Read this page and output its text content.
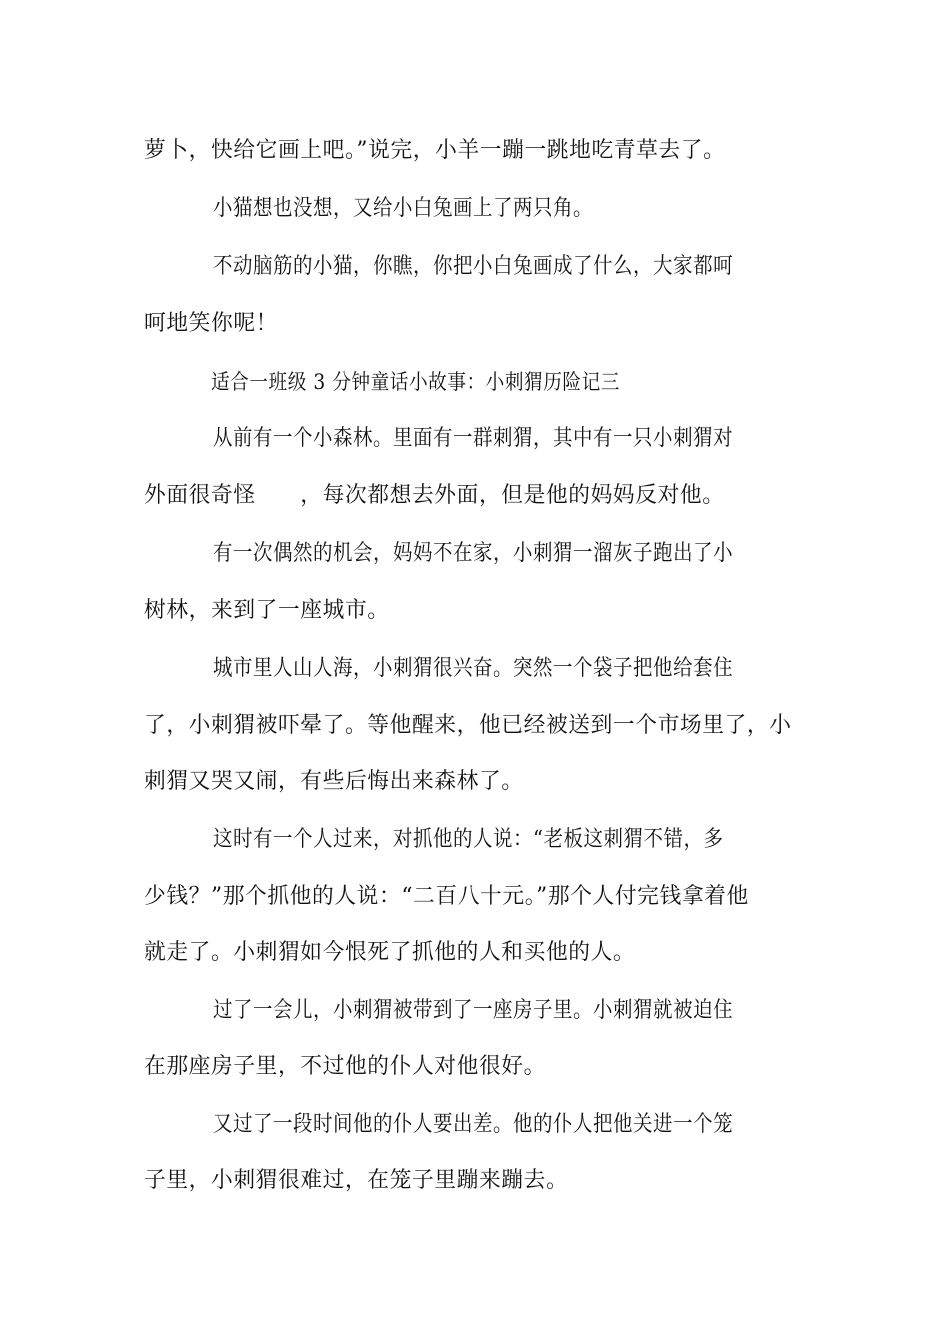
萝卜，快给它画上吧。”说完，小羊一蹦一跳地吃青草去了。
小猫想也没想，又给小白兔画上了两只角。
不动脑筋的小猫，你瞧，你把小白兔画成了什么，大家都呵
呵地笑你呢！
适合一班级 3 分钟童话小故事：小刺猬历险记三
从前有一个小森林。里面有一群刺猬，其中有一只小刺猬对
外面很奇怪　　，每次都想去外面，但是他的妈妈反对他。
有一次偶然的机会，妈妈不在家，小刺猬一溜灰子跑出了小
树林，来到了一座城市。
城市里人山人海，小刺猬很兴奋。突然一个袋子把他给套住
了，小刺猬被吓晕了。等他醒来，他已经被送到一个市场里了，小
刺猬又哭又闹，有些后悔出来森林了。
这时有一个人过来，对抓他的人说：“老板这刺猬不错，多
少钱？”那个抓他的人说：“二百八十元。”那个人付完钱拿着他
就走了。小刺猬如今恨死了抓他的人和买他的人。
过了一会儿，小刺猬被带到了一座房子里。小刺猬就被迫住
在那座房子里，不过他的仆人对他很好。
又过了一段时间他的仆人要出差。他的仆人把他关进一个笼
子里，小刺猬很难过，在笼子里蹦来蹦去。
